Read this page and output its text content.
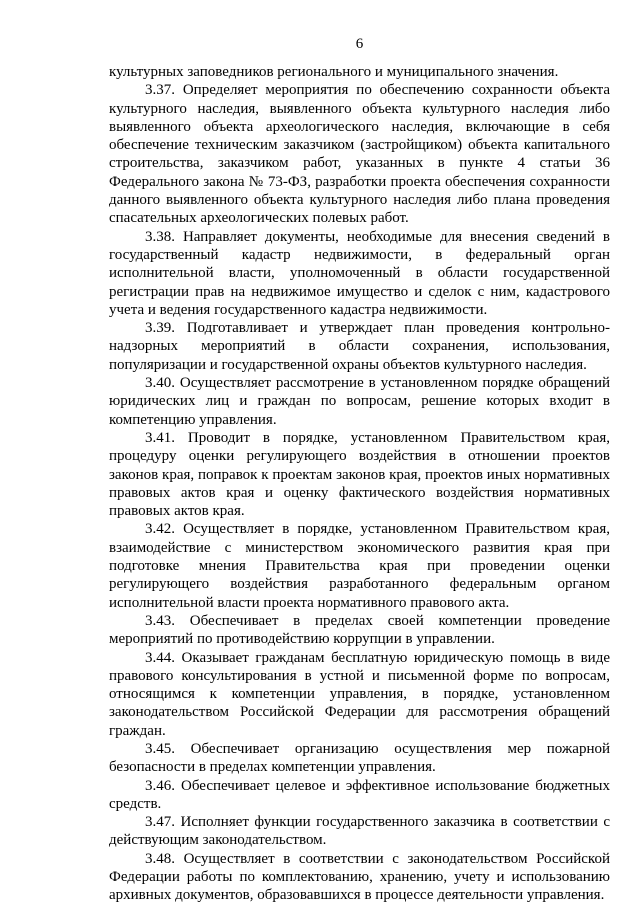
6

культурных заповедников регионального и муниципального значения.

3.37. Определяет мероприятия по обеспечению сохранности объекта культурного наследия, выявленного объекта культурного наследия либо выявленного объекта археологического наследия, включающие в себя обеспечение техническим заказчиком (застройщиком) объекта капитального строительства, заказчиком работ, указанных в пункте 4 статьи 36 Федерального закона № 73-ФЗ, разработки проекта обеспечения сохранности данного выявленного объекта культурного наследия либо плана проведения спасательных археологических полевых работ.

3.38. Направляет документы, необходимые для внесения сведений в государственный кадастр недвижимости, в федеральный орган исполнительной власти, уполномоченный в области государственной регистрации прав на недвижимое имущество и сделок с ним, кадастрового учета и ведения государственного кадастра недвижимости.

3.39. Подготавливает и утверждает план проведения контрольно-надзорных мероприятий в области сохранения, использования, популяризации и государственной охраны объектов культурного наследия.

3.40. Осуществляет рассмотрение в установленном порядке обращений юридических лиц и граждан по вопросам, решение которых входит в компетенцию управления.

3.41. Проводит в порядке, установленном Правительством края, процедуру оценки регулирующего воздействия в отношении проектов законов края, поправок к проектам законов края, проектов иных нормативных правовых актов края и оценку фактического воздействия нормативных правовых актов края.

3.42. Осуществляет в порядке, установленном Правительством края, взаимодействие с министерством экономического развития края при подготовке мнения Правительства края при проведении оценки регулирующего воздействия разработанного федеральным органом исполнительной власти проекта нормативного правового акта.

3.43. Обеспечивает в пределах своей компетенции проведение мероприятий по противодействию коррупции в управлении.

3.44. Оказывает гражданам бесплатную юридическую помощь в виде правового консультирования в устной и письменной форме по вопросам, относящимся к компетенции управления, в порядке, установленном законодательством Российской Федерации для рассмотрения обращений граждан.

3.45. Обеспечивает организацию осуществления мер пожарной безопасности в пределах компетенции управления.

3.46. Обеспечивает целевое и эффективное использование бюджетных средств.

3.47. Исполняет функции государственного заказчика в соответствии с действующим законодательством.

3.48. Осуществляет в соответствии с законодательством Российской Федерации работы по комплектованию, хранению, учету и использованию архивных документов, образовавшихся в процессе деятельности управления.
